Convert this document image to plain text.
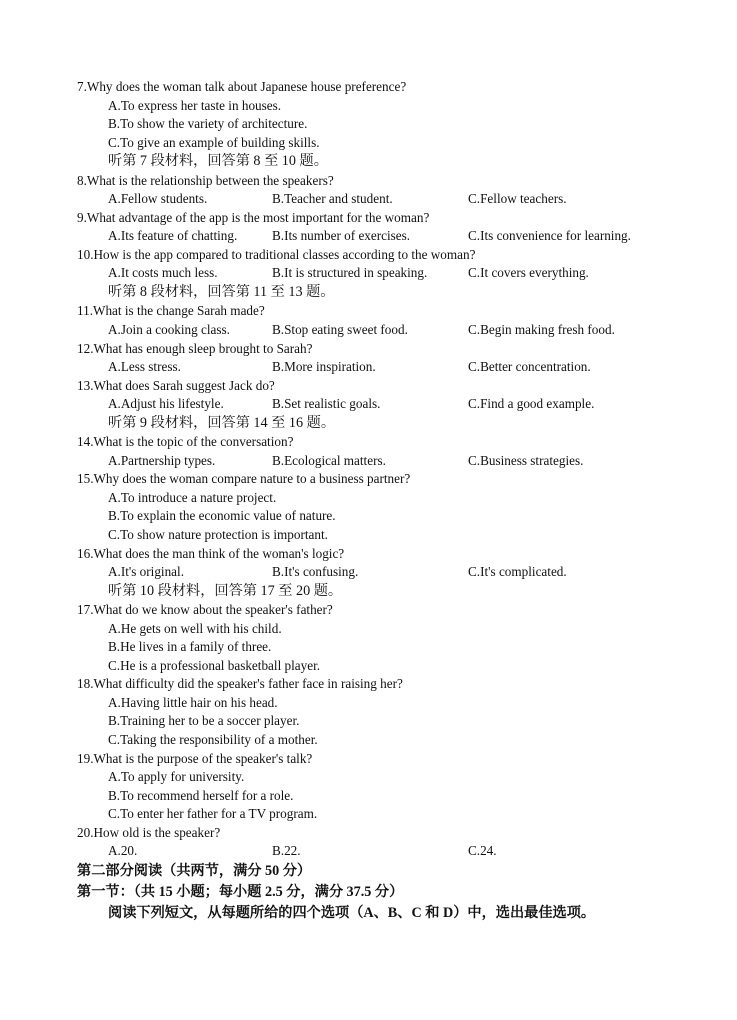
7.Why does the woman talk about Japanese house preference?
A.To express her taste in houses.
B.To show the variety of architecture.
C.To give an example of building skills.
听第 7 段材料，回答第 8 至 10 题。
8.What is the relationship between the speakers?
A.Fellow students.	B.Teacher and student.	C.Fellow teachers.
9.What advantage of the app is the most important for the woman?
A.Its feature of chatting.	B.Its number of exercises.	C.Its convenience for learning.
10.How is the app compared to traditional classes according to the woman?
A.It costs much less.	B.It is structured in speaking.	C.It covers everything.
听第 8 段材料，回答第 11 至 13 题。
11.What is the change Sarah made?
A.Join a cooking class.	B.Stop eating sweet food.	C.Begin making fresh food.
12.What has enough sleep brought to Sarah?
A.Less stress.	B.More inspiration.	C.Better concentration.
13.What does Sarah suggest Jack do?
A.Adjust his lifestyle.	B.Set realistic goals.	C.Find a good example.
听第 9 段材料，回答第 14 至 16 题。
14.What is the topic of the conversation?
A.Partnership types.	B.Ecological matters.	C.Business strategies.
15.Why does the woman compare nature to a business partner?
A.To introduce a nature project.
B.To explain the economic value of nature.
C.To show nature protection is important.
16.What does the man think of the woman's logic?
A.It's original.	B.It's confusing.	C.It's complicated.
听第 10 段材料，回答第 17 至 20 题。
17.What do we know about the speaker's father?
A.He gets on well with his child.
B.He lives in a family of three.
C.He is a professional basketball player.
18.What difficulty did the speaker's father face in raising her?
A.Having little hair on his head.
B.Training her to be a soccer player.
C.Taking the responsibility of a mother.
19.What is the purpose of the speaker's talk?
A.To apply for university.
B.To recommend herself for a role.
C.To enter her father for a TV program.
20.How old is the speaker?
A.20.	B.22.	C.24.
第二部分阅读（共两节，满分 50 分）
第一节：（共 15 小题；每小题 2.5 分，满分 37.5 分）
阅读下列短文，从每题所给的四个选项（A、B、C 和 D）中，选出最佳选项。
